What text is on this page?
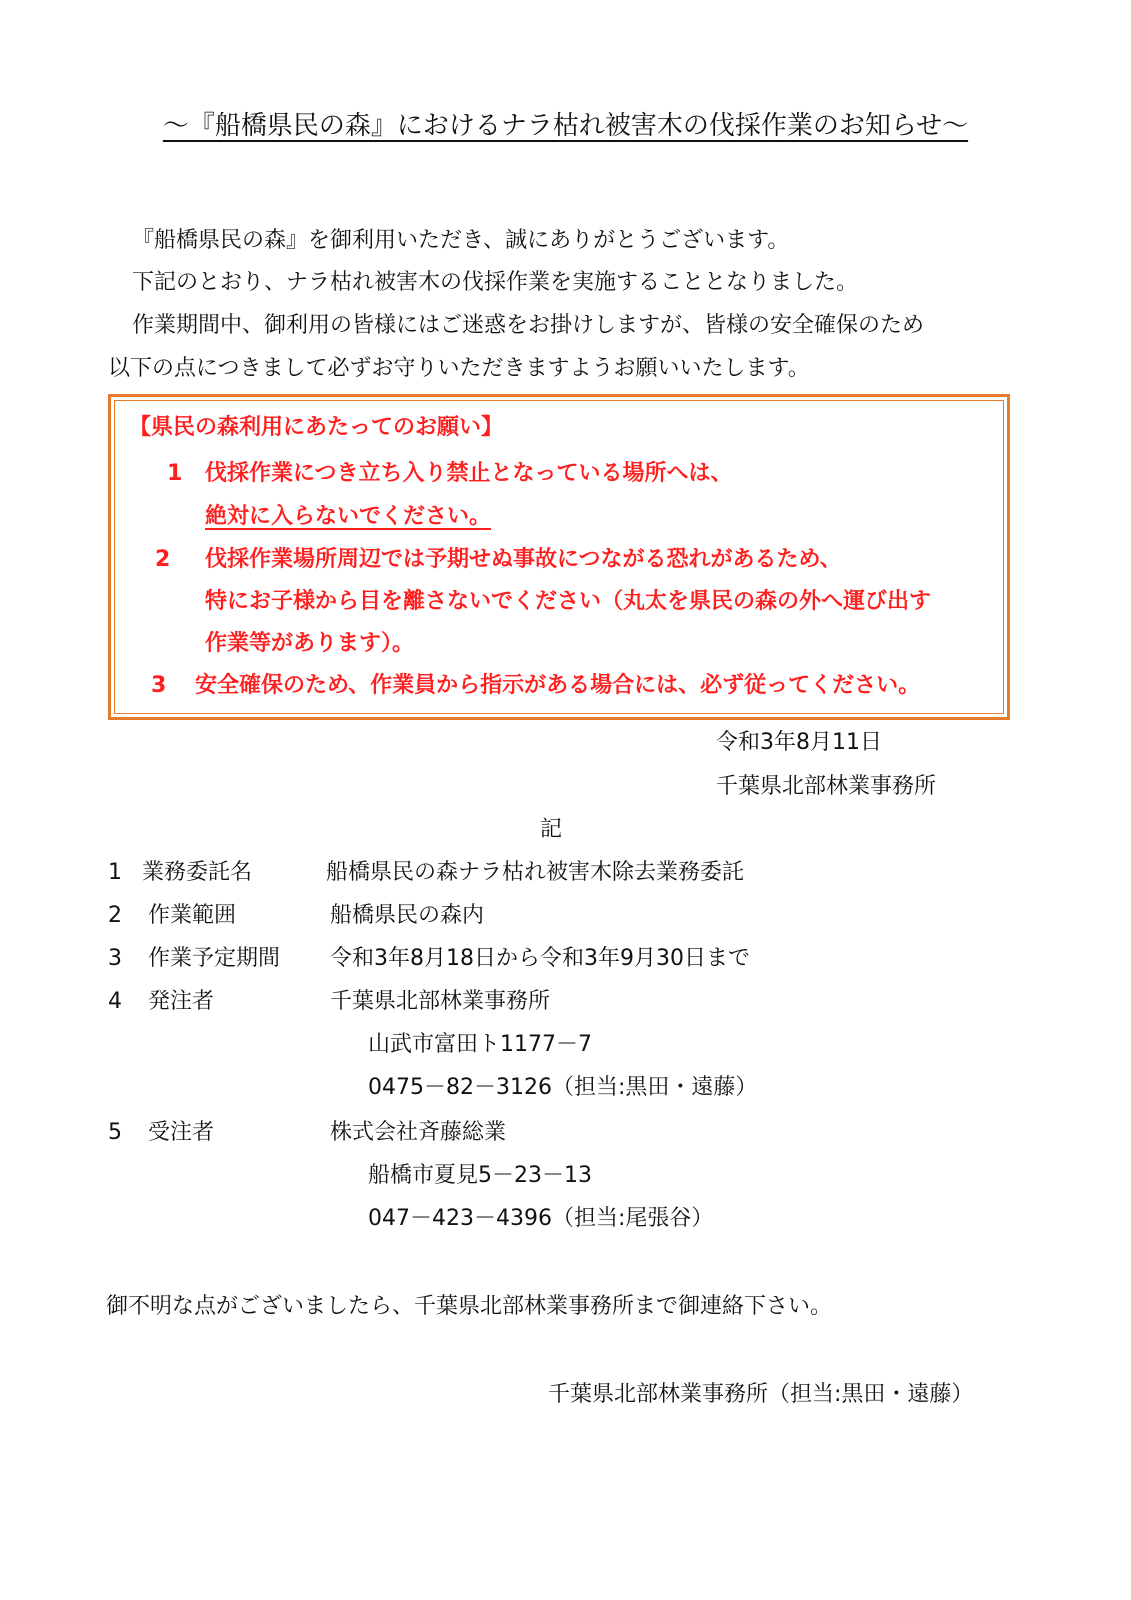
～『船橋県民の森』におけるナラ枯れ被害木の伐採作業のお知らせ～
『船橋県民の森』を御利用いただき、誠にありがとうございます。
下記のとおり、ナラ枯れ被害木の伐採作業を実施することとなりました。
作業期間中、御利用の皆様にはご迷惑をお掛けしますが、皆様の安全確保のため
以下の点につきまして必ずお守りいただきますようお願いいたします。
【県民の森利用にあたってのお願い】
1 伐採作業につき立ち入り禁止となっている場所へは、
絶対に入らないでください。
2 伐採作業場所周辺では予期せぬ事故につながる恐れがあるため、
特にお子様から目を離さないでください（丸太を県民の森の外へ運び出す
作業等があります）。
3 安全確保のため、作業員から指示がある場合には、必ず従ってください。
令和3年8月11日
千葉県北部林業事務所
記
1 業務委託名	船橋県民の森ナラ枯れ被害木除去業務委託
2 作業範囲	船橋県民の森内
3 作業予定期間 令和3年8月18日から令和3年9月30日まで
4 発注者	千葉県北部林業事務所
山武市富田ト1177－7
0475－82－3126（担当:黒田・遠藤）
5 受注者	株式会社斉藤総業
船橋市夏見5－23－13
047－423－4396（担当:尾張谷）
御不明な点がございましたら、千葉県北部林業事務所まで御連絡下さい。
千葉県北部林業事務所（担当:黒田・遠藤）
